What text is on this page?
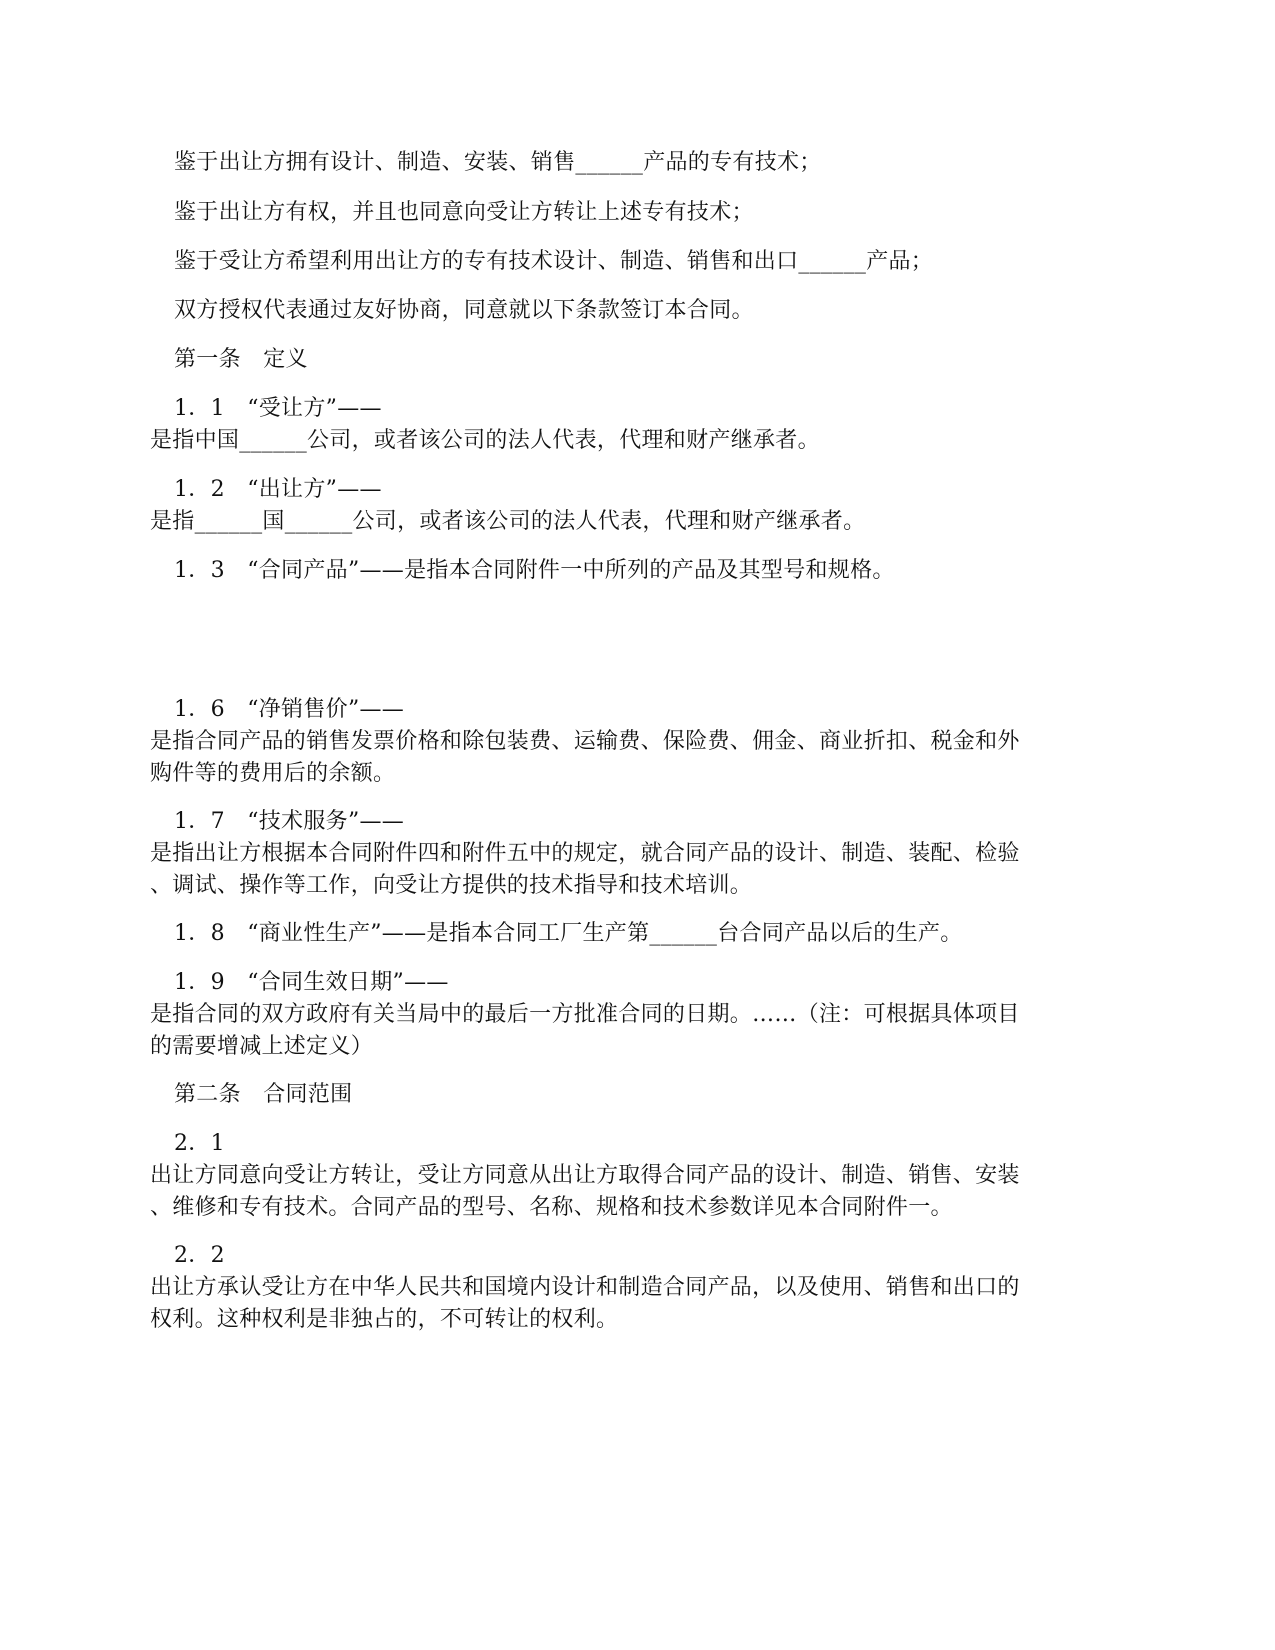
鉴于出让方拥有设计、制造、安装、销售______产品的专有技术；

鉴于出让方有权，并且也同意向受让方转让上述专有技术；

鉴于受让方希望利用出让方的专有技术设计、制造、销售和出口______产品；

双方授权代表通过友好协商，同意就以下条款签订本合同。

第一条　定义

1．1　“受让方”——

是指中国______公司，或者该公司的法人代表，代理和财产继承者。

1．2　“出让方”——

是指______国______公司，或者该公司的法人代表，代理和财产继承者。

1．3　“合同产品”——是指本合同附件一中所列的产品及其型号和规格。

1．6　“净销售价”——

是指合同产品的销售发票价格和除包装费、运输费、保险费、佣金、商业折扣、税金和外

购件等的费用后的余额。

1．7　“技术服务”——

是指出让方根据本合同附件四和附件五中的规定，就合同产品的设计、制造、装配、检验

、调试、操作等工作，向受让方提供的技术指导和技术培训。

1．8　“商业性生产”——是指本合同工厂生产第______台合同产品以后的生产。

1．9　“合同生效日期”——

是指合同的双方政府有关当局中的最后一方批准合同的日期。……（注：可根据具体项目

的需要增减上述定义）

第二条　合同范围

2．1

出让方同意向受让方转让，受让方同意从出让方取得合同产品的设计、制造、销售、安装

、维修和专有技术。合同产品的型号、名称、规格和技术参数详见本合同附件一。

2．2

出让方承认受让方在中华人民共和国境内设计和制造合同产品，以及使用、销售和出口的

权利。这种权利是非独占的，不可转让的权利。
